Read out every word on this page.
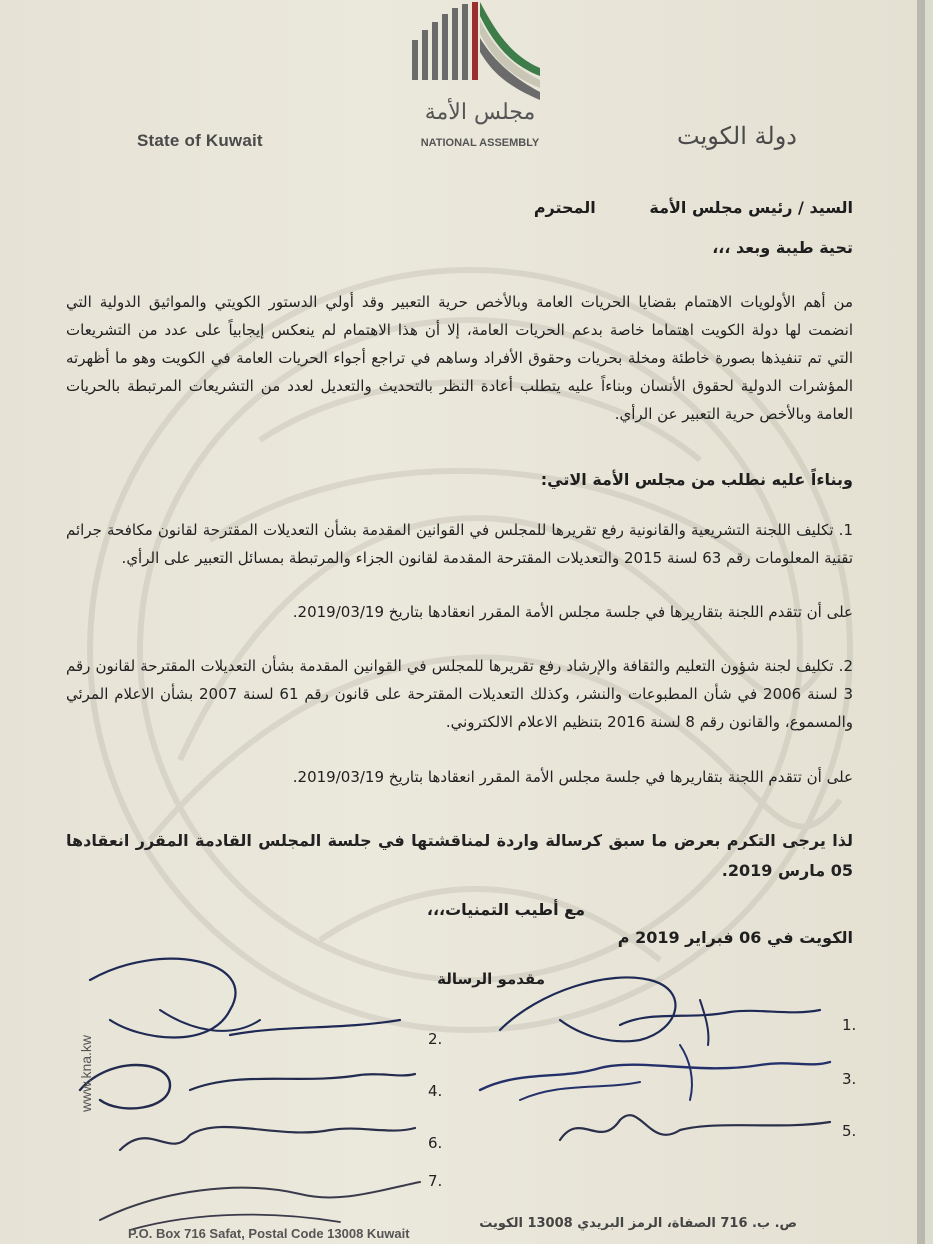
مجلس الأمة
NATIONAL ASSEMBLY
State of Kuwait	دولة الكويت
السيد / رئيس مجلس الأمة المحترم
تحية طيبة وبعد ،،،
من أهم الأولويات الاهتمام بقضايا الحريات العامة وبالأخص حرية التعبير وقد أولي الدستور الكويتي والمواثيق الدولية التي
انضمت لها دولة الكويت اهتماما خاصة بدعم الحريات العامة، إلا أن هذا الاهتمام لم ينعكس إيجابياً على عدد من التشريعات
التي تم تنفيذها بصورة خاطئة ومخلة بحريات وحقوق الأفراد وساهم في تراجع أجواء الحريات العامة في الكويت وهو ما أظهرته
المؤشرات الدولية لحقوق الأنسان وبناءاً عليه يتطلب أعادة النظر بالتحديث والتعديل لعدد من التشريعات المرتبطة بالحريات
العامة وبالأخص حرية التعبير عن الرأي.
وبناءاً عليه نطلب من مجلس الأمة الاتي:
1. تكليف اللجنة التشريعية والقانونية رفع تقريرها للمجلس في القوانين المقدمة بشأن التعديلات المقترحة لقانون مكافحة جرائم
تقنية المعلومات رقم 63 لسنة 2015 والتعديلات المقترحة المقدمة لقانون الجزاء والمرتبطة بمسائل التعبير على الرأي.
على أن تتقدم اللجنة بتقاريرها في جلسة مجلس الأمة المقرر انعقادها بتاريخ 2019/03/19.
2. تكليف لجنة شؤون التعليم والثقافة والإرشاد رفع تقريرها للمجلس في القوانين المقدمة بشأن التعديلات المقترحة لقانون رقم
3 لسنة 2006 في شأن المطبوعات والنشر، وكذلك التعديلات المقترحة على قانون رقم 61 لسنة 2007 بشأن الاعلام المرئي
والمسموع، والقانون رقم 8 لسنة 2016 بتنظيم الاعلام الالكتروني.
على أن تتقدم اللجنة بتقاريرها في جلسة مجلس الأمة المقرر انعقادها بتاريخ 2019/03/19.
لذا يرجى التكرم بعرض ما سبق كرسالة واردة لمناقشتها في جلسة المجلس القادمة المقرر انعقادها
05 مارس 2019.
مع أطيب التمنيات،،،
الكويت في 06 فبراير 2019 م
مقدمو الرسالة
1.
3.
5.
2.
4.
6.
7.
ص. ب. 716 الصفاة، الرمز البريدي 13008 الكويت
P.O. Box 716 Safat, Postal Code 13008 Kuwait
www.kna.kw
